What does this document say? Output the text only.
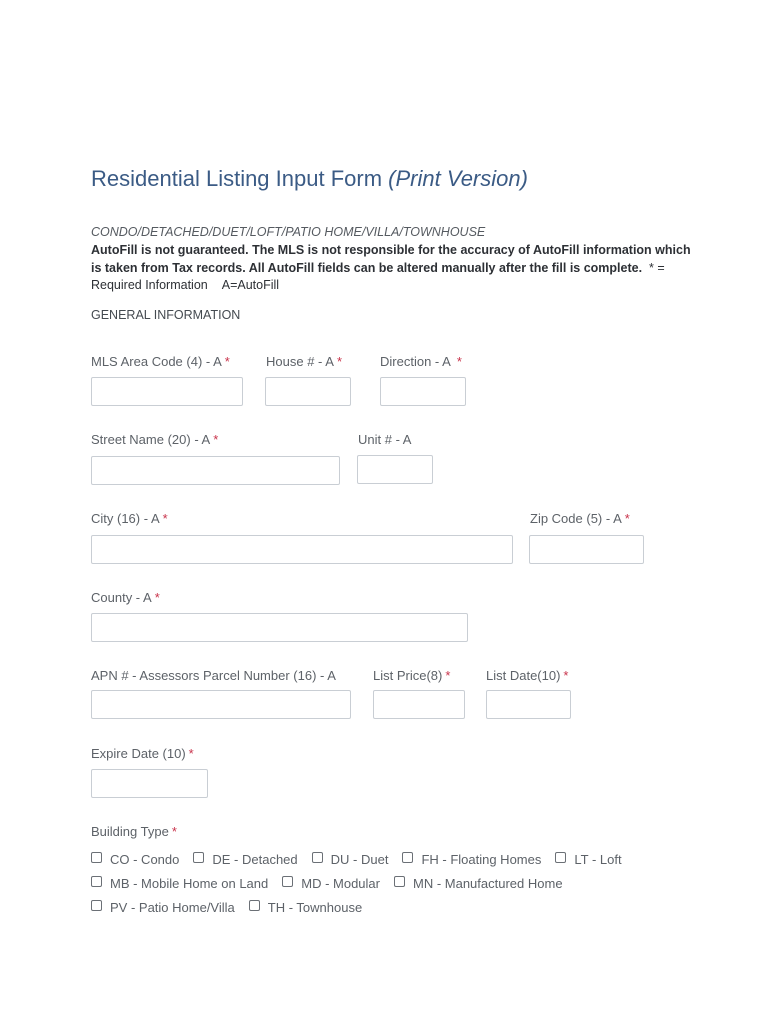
Residential Listing Input Form (Print Version)
CONDO/DETACHED/DUET/LOFT/PATIO HOME/VILLA/TOWNHOUSE
AutoFill is not guaranteed. The MLS is not responsible for the accuracy of AutoFill information which is taken from Tax records. All AutoFill fields can be altered manually after the fill is complete. * = Required Information A=AutoFill
GENERAL INFORMATION
MLS Area Code (4) - A *	House # - A *	Direction - A *
Street Name (20) - A *	Unit # - A
City (16) - A *	Zip Code (5) - A *
County - A *
APN # - Assessors Parcel Number (16) - A	List Price(8) *	List Date(10) *
Expire Date (10) *
Building Type *
CO - Condo	DE - Detached	DU - Duet	FH - Floating Homes	LT - Loft
MB - Mobile Home on Land	MD - Modular	MN - Manufactured Home
PV - Patio Home/Villa	TH - Townhouse
